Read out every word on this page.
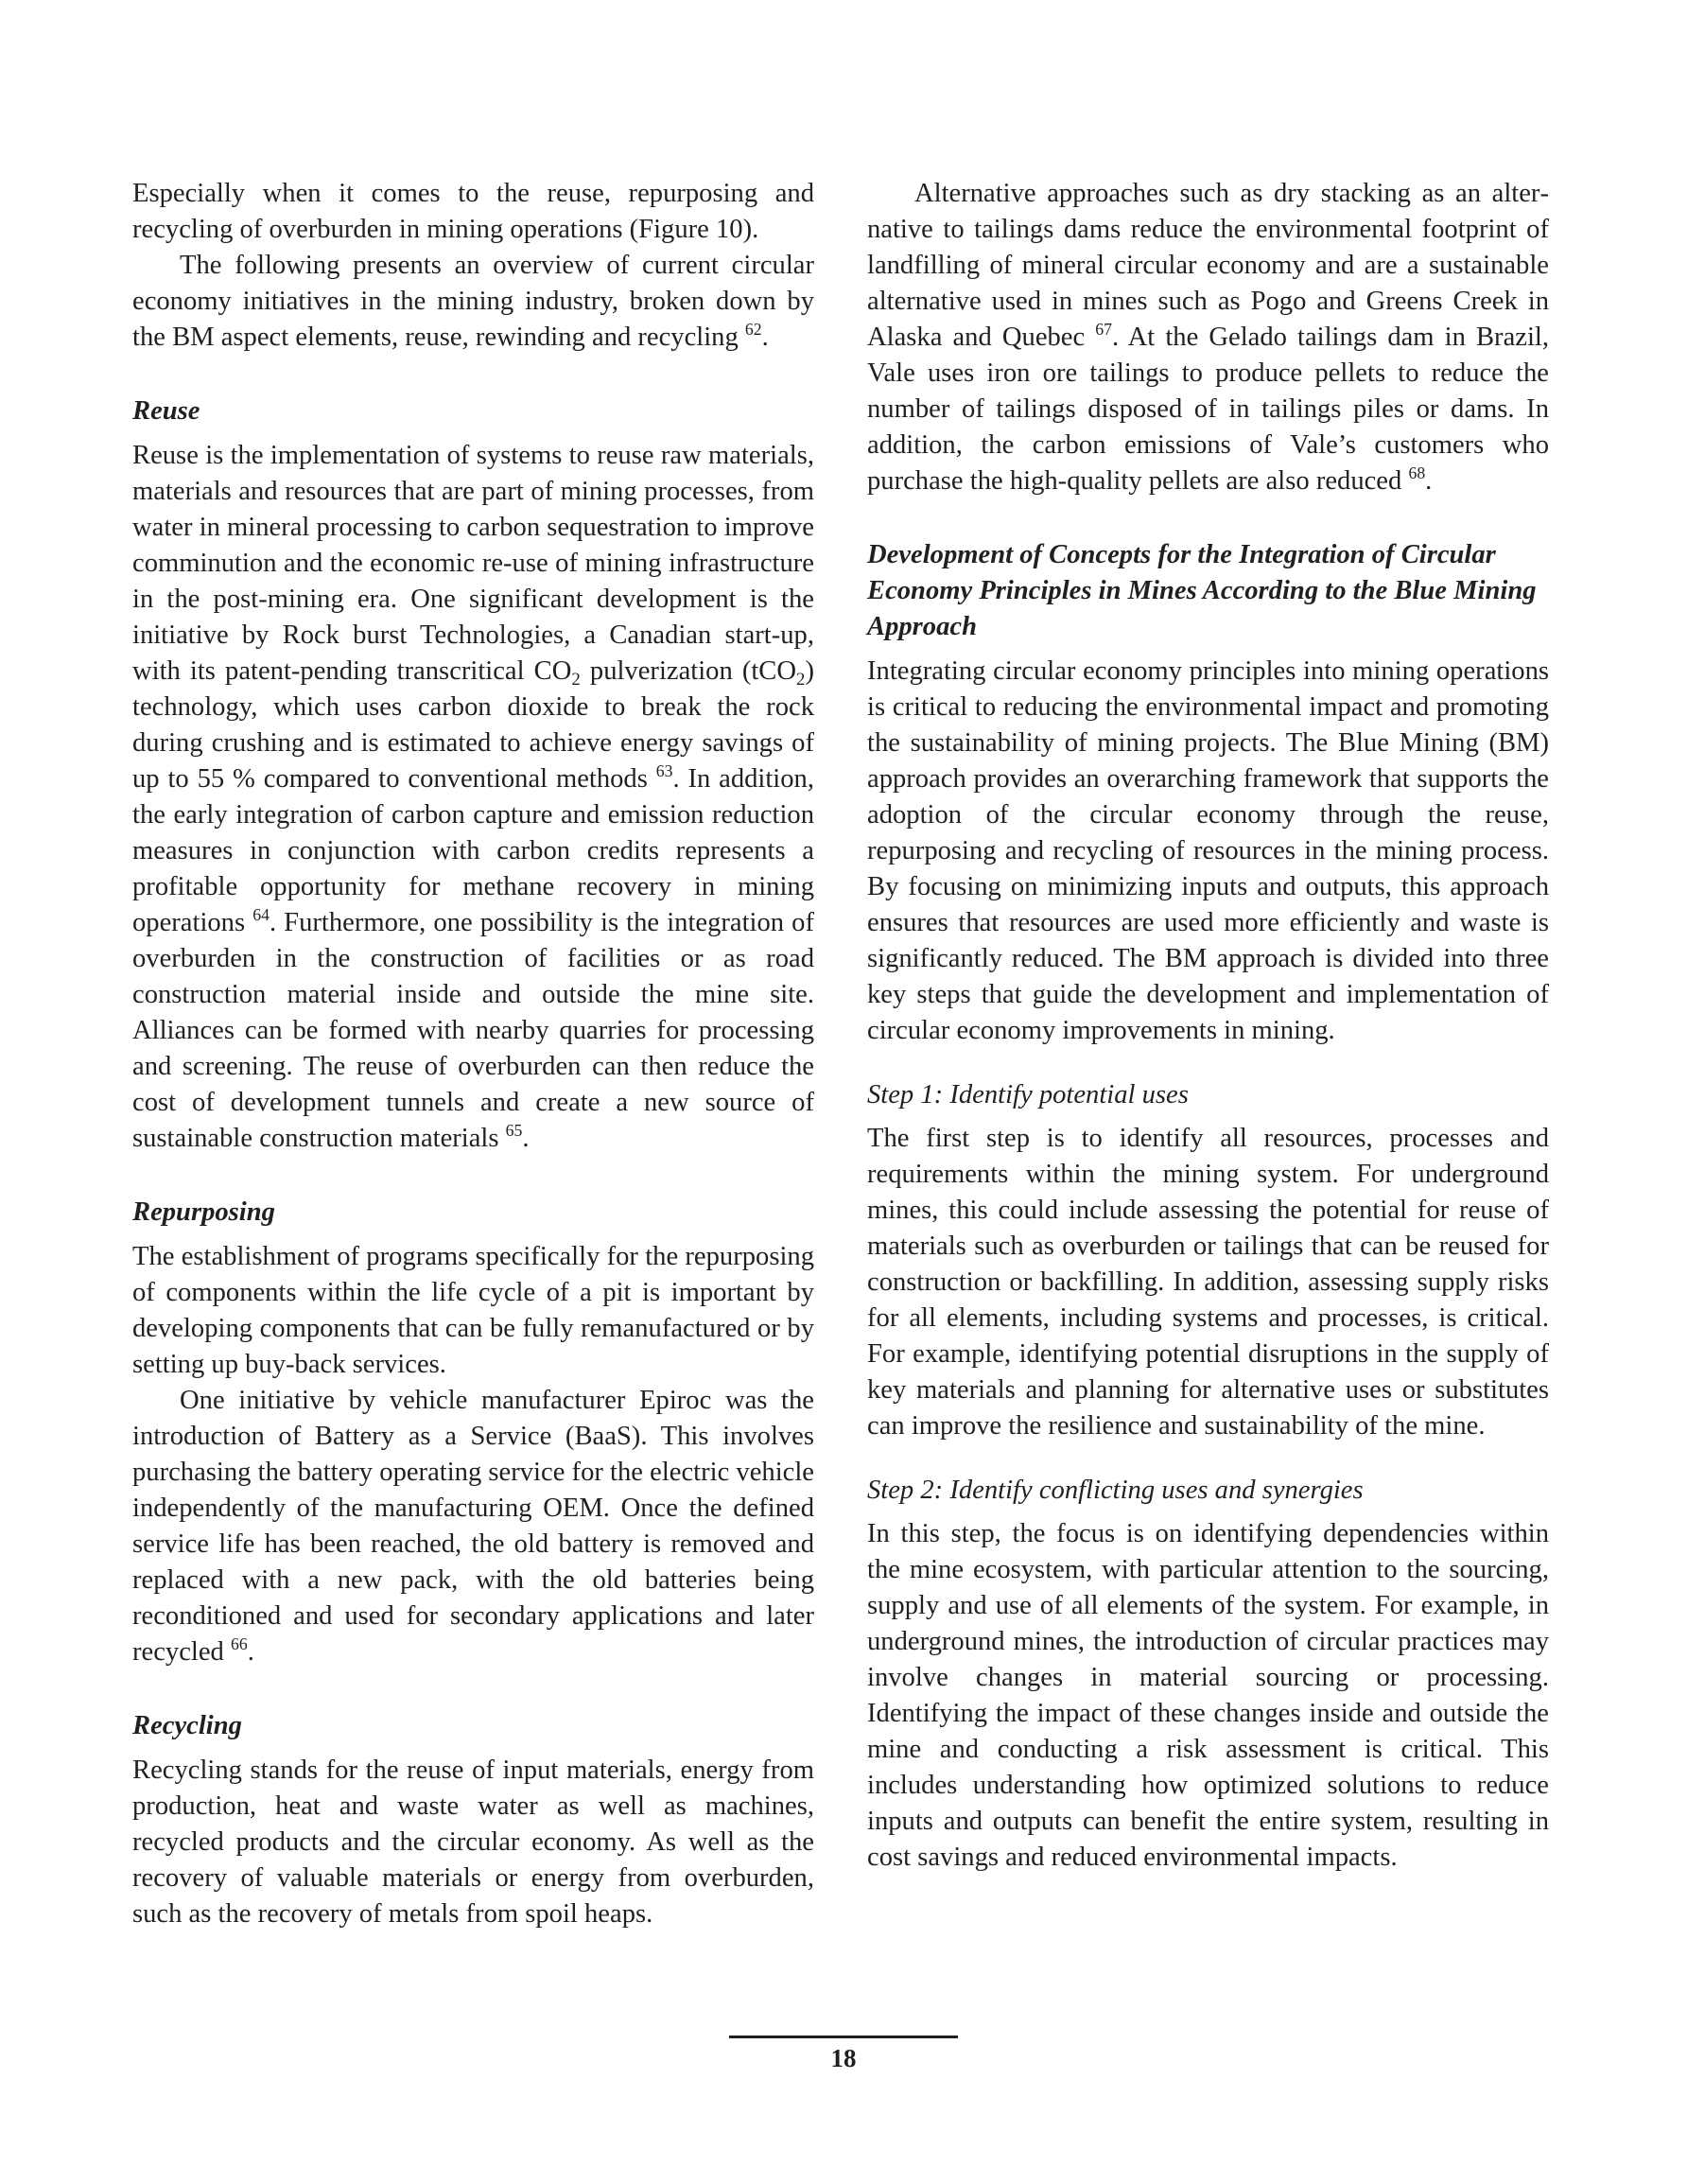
Especially when it comes to the reuse, repurposing and recycling of overburden in mining operations (Figure 10).

The following presents an overview of current circular economy initiatives in the mining industry, broken down by the BM aspect elements, reuse, rewinding and recycling $^{62}$.

Reuse

Reuse is the implementation of systems to reuse raw materials, materials and resources that are part of mining processes, from water in mineral processing to carbon sequestration to improve comminution and the economic re-use of mining infrastructure in the post-mining era. One significant development is the initiative by Rock burst Technologies, a Canadian start-up, with its patent-pending transcritical $CO_2$ pulverization (tCO$_2$) technology, which uses carbon dioxide to break the rock during crushing and is estimated to achieve energy savings of up to 55 % compared to conventional methods $^{63}$. In addition, the early integration of carbon capture and emission reduction measures in conjunction with carbon credits represents a profitable opportunity for methane recovery in mining operations $^{64}$. Furthermore, one possibility is the integration of overburden in the construction of facilities or as road construction material inside and outside the mine site. Alliances can be formed with nearby quarries for processing and screening. The reuse of overburden can then reduce the cost of development tunnels and create a new source of sustainable construction materials $^{65}$.

Repurposing

The establishment of programs specifically for the repurposing of components within the life cycle of a pit is important by developing components that can be fully remanufactured or by setting up buy-back services.

One initiative by vehicle manufacturer Epiroc was the introduction of Battery as a Service (BaaS). This involves purchasing the battery operating service for the electric vehicle independently of the manufacturing OEM. Once the defined service life has been reached, the old battery is removed and replaced with a new pack, with the old batteries being reconditioned and used for secondary applications and later recycled $^{66}$.

Recycling

Recycling stands for the reuse of input materials, energy from production, heat and waste water as well as machines, recycled products and the circular economy. As well as the recovery of valuable materials or energy from overburden, such as the recovery of metals from spoil heaps.

Alternative approaches such as dry stacking as an alternative to tailings dams reduce the environmental footprint of landfilling of mineral circular economy and are a sustainable alternative used in mines such as Pogo and Greens Creek in Alaska and Quebec $^{67}$. At the Gelado tailings dam in Brazil, Vale uses iron ore tailings to produce pellets to reduce the number of tailings disposed of in tailings piles or dams. In addition, the carbon emissions of Vale’s customers who purchase the high-quality pellets are also reduced $^{68}$.

Development of Concepts for the Integration of Circular Economy Principles in Mines According to the Blue Mining Approach

Integrating circular economy principles into mining operations is critical to reducing the environmental impact and promoting the sustainability of mining projects. The Blue Mining (BM) approach provides an overarching framework that supports the adoption of the circular economy through the reuse, repurposing and recycling of resources in the mining process. By focusing on minimizing inputs and outputs, this approach ensures that resources are used more efficiently and waste is significantly reduced. The BM approach is divided into three key steps that guide the development and implementation of circular economy improvements in mining.

Step 1: Identify potential uses

The first step is to identify all resources, processes and requirements within the mining system. For underground mines, this could include assessing the potential for reuse of materials such as overburden or tailings that can be reused for construction or backfilling. In addition, assessing supply risks for all elements, including systems and processes, is critical. For example, identifying potential disruptions in the supply of key materials and planning for alternative uses or substitutes can improve the resilience and sustainability of the mine.

Step 2: Identify conflicting uses and synergies

In this step, the focus is on identifying dependencies within the mine ecosystem, with particular attention to the sourcing, supply and use of all elements of the system. For example, in underground mines, the introduction of circular practices may involve changes in material sourcing or processing. Identifying the impact of these changes inside and outside the mine and conducting a risk assessment is critical. This includes understanding how optimized solutions to reduce inputs and outputs can benefit the entire system, resulting in cost savings and reduced environmental impacts.

18
